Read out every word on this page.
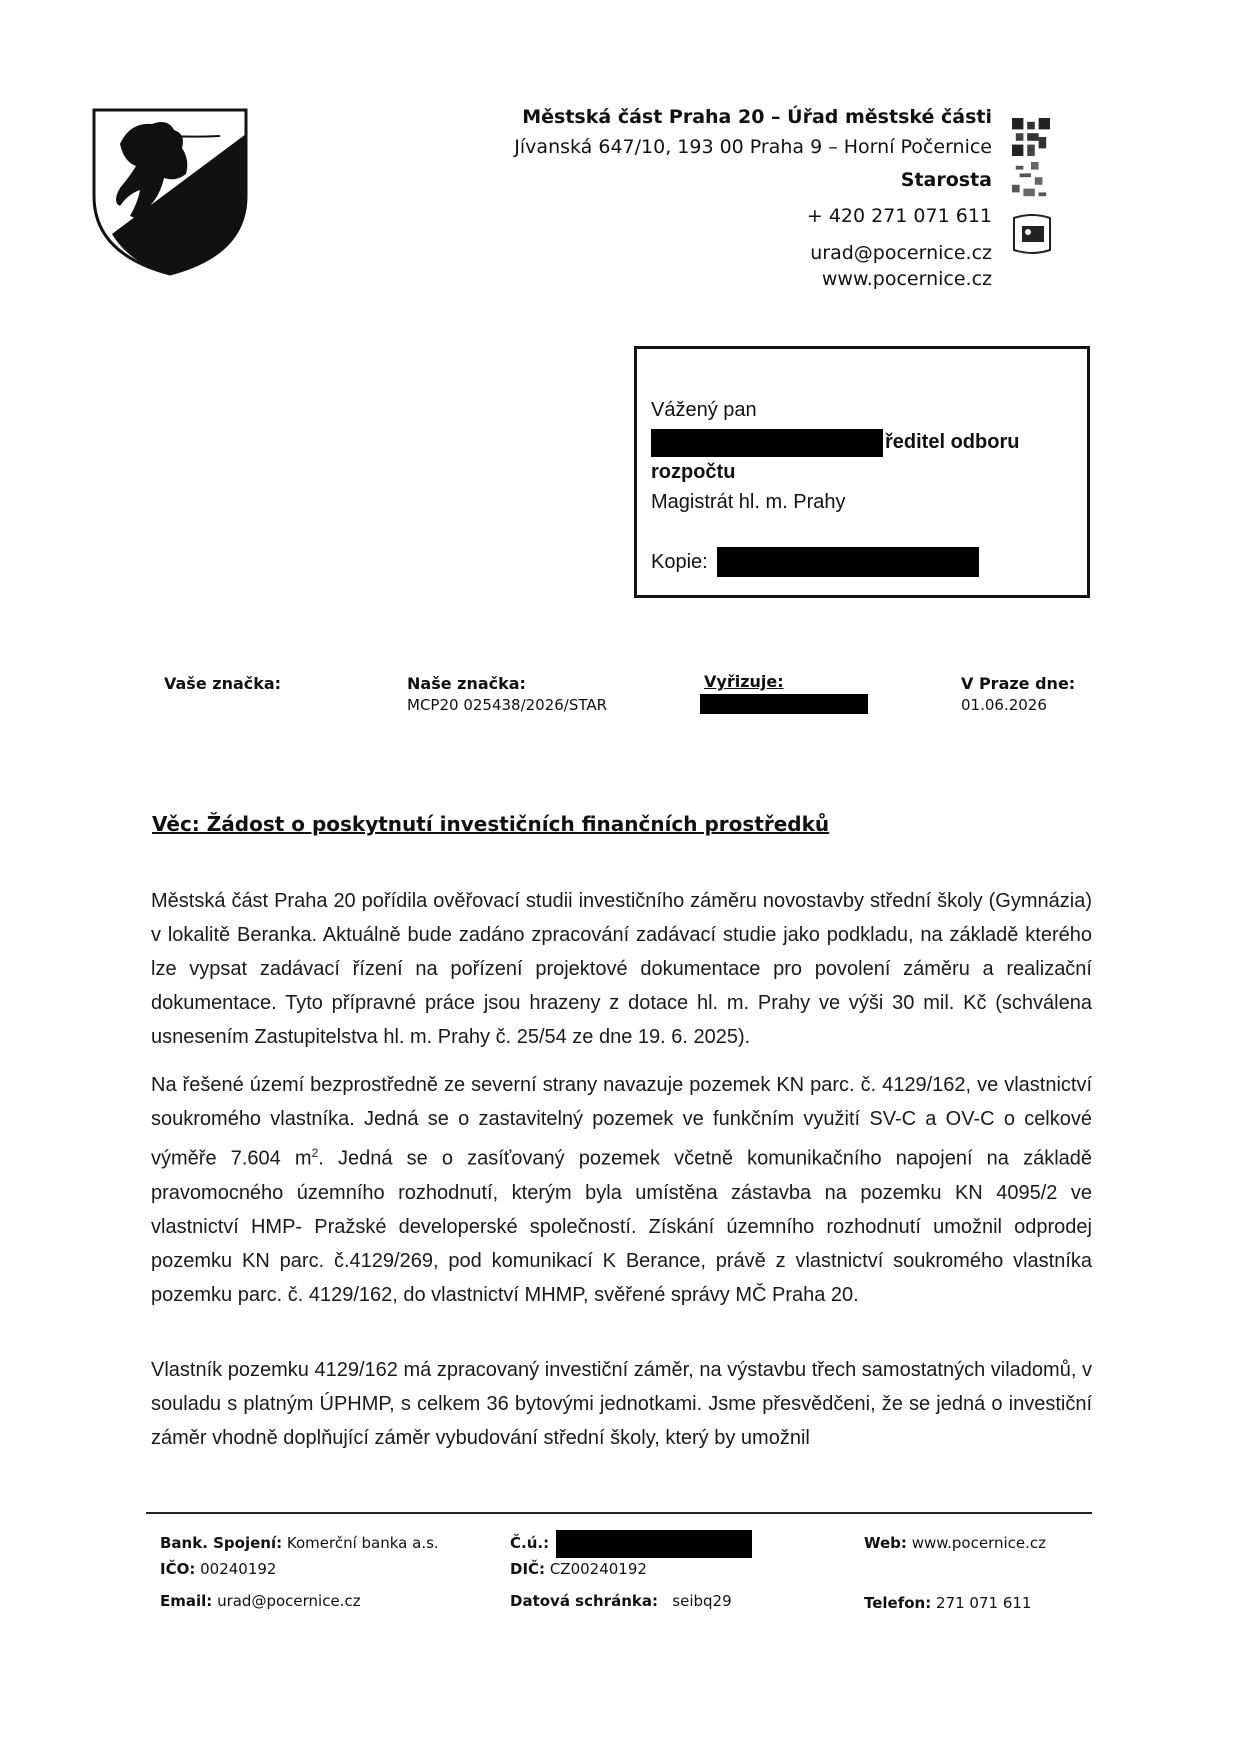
Městská část Praha 20 – Úřad městské části
Jívanská 647/10, 193 00 Praha 9 – Horní Počernice
Starosta
+ 420 271 071 611
urad@pocernice.cz
www.pocernice.cz
Vážený pan
ředitel odboru
rozpočtu
Magistrát hl. m. Prahy
Kopie:
Vaše značka:	Naše značka:
MCP20 025438/2026/STAR
Vyřizuje:	V Praze dne:
01.06.2026
Věc: Žádost o poskytnutí investičních finančních prostředků
Městská část Praha 20 pořídila ověřovací studii investičního záměru novostavby střední školy (Gymnázia) v lokalitě Beranka. Aktuálně bude zadáno zpracování zadávací studie jako podkladu, na základě kterého lze vypsat zadávací řízení na pořízení projektové dokumentace pro povolení záměru a realizační dokumentace. Tyto přípravné práce jsou hrazeny z dotace hl. m. Prahy ve výši 30 mil. Kč (schválena usnesením Zastupitelstva hl. m. Prahy č. 25/54 ze dne 19. 6. 2025).
Na řešené území bezprostředně ze severní strany navazuje pozemek KN parc. č. 4129/162, ve vlastnictví soukromého vlastníka. Jedná se o zastavitelný pozemek ve funkčním využití SV-C a OV-C o celkové výměře 7.604 $m^2$. Jedná se o zasíťovaný pozemek včetně komunikačního napojení na základě pravomocného územního rozhodnutí, kterým byla umístěna zástavba na pozemku KN 4095/2 ve vlastnictví HMP- Pražské developerské společností. Získání územního rozhodnutí umožnil odprodej pozemku KN parc. č.4129/269, pod komunikací K Berance, právě z vlastnictví soukromého vlastníka pozemku parc. č. 4129/162, do vlastnictví MHMP, svěřené správy MČ Praha 20.
Vlastník pozemku 4129/162 má zpracovaný investiční záměr, na výstavbu třech samostatných viladomů, v souladu s platným ÚPHMP, s celkem 36 bytovými jednotkami. Jsme přesvědčeni, že se jedná o investiční záměr vhodně doplňující záměr vybudování střední školy, který by umožnil
Bank. Spojení: Komerční banka a.s.
IČO: 00240192
Email: urad@pocernice.cz
Č.ú.:
DIČ: CZ00240192
Datová schránka: seibq29
Web: www.pocernice.cz
Telefon: 271 071 611
